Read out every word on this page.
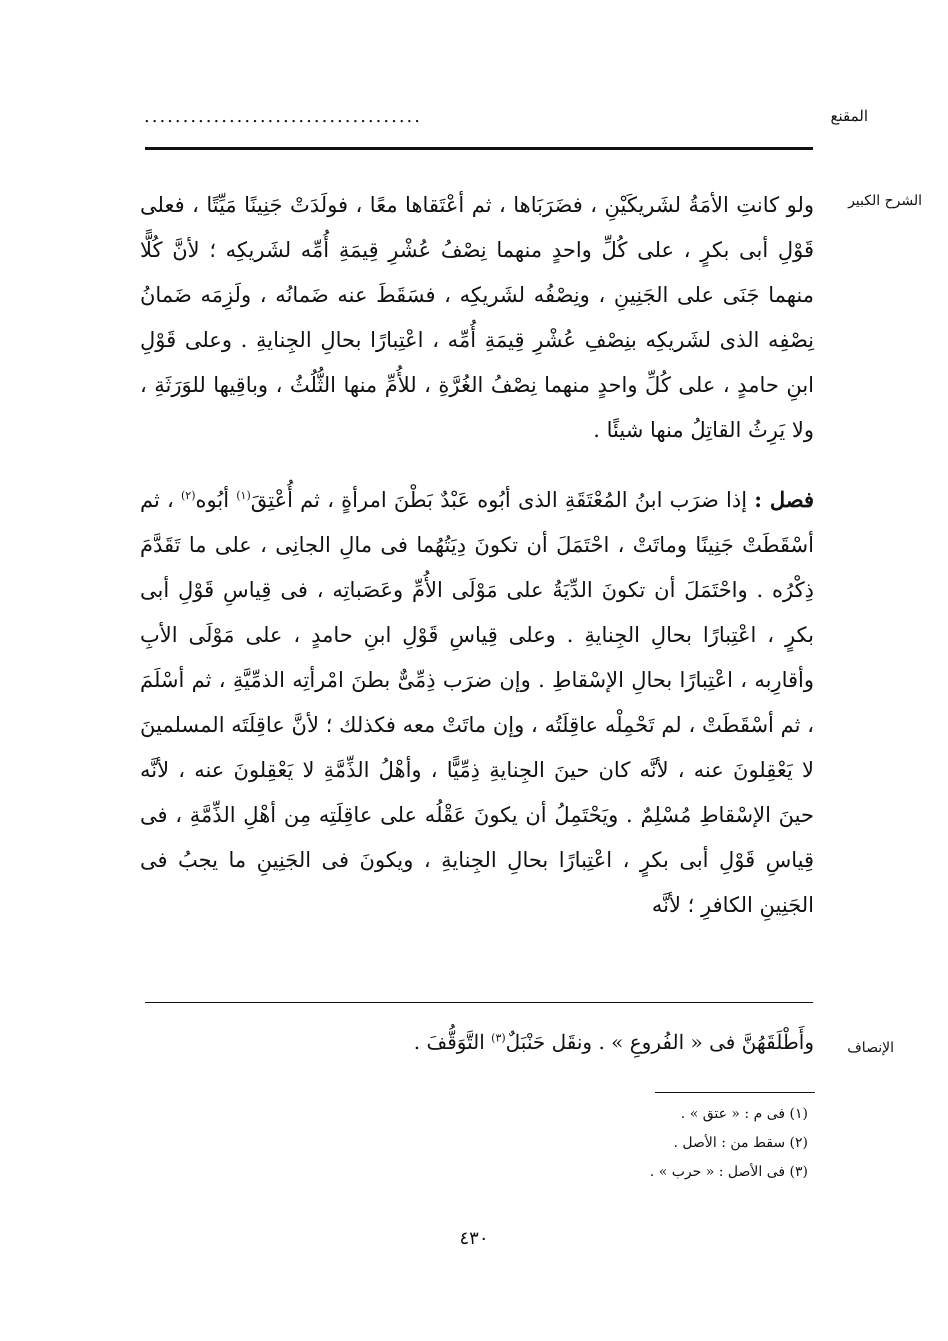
المقنع
....................................
الشرح الكبير

ولو كانتِ الأمَةُ لشَريكَيْنِ ، فضَرَبَاها ، ثم أعْتَقاها معًا ، فولَدَتْ جَنِينًا مَيِّتًا ، فعلى قَوْلِ أبى بكرٍ ، على كُلِّ واحدٍ منهما نِصْفُ عُشْرِ قِيمَةِ أُمِّه لشَريكِه ؛ لأنَّ كُلًّا منهما جَنَى على الجَنِينِ ، ونِصْفُه لشَريكِه ، فسَقَطَ عنه ضَمانُه ، ولَزِمَه ضَمانُ نِصْفِه الذى لشَريكِه بنِصْفِ عُشْرِ قِيمَةِ أُمِّه ، اعْتِبارًا بحالِ الجِنايةِ . وعلى قَوْلِ ابنِ حامدٍ ، على كُلِّ واحدٍ منهما نِصْفُ الغُرَّةِ ، للأُمِّ منها الثُّلُثُ ، وباقِيها للوَرَثَةِ ، ولا يَرِثُ القاتِلُ منها شيئًا .

فصل : إذا ضرَب ابنُ المُعْتَقَةِ الذى أبُوه عَبْدٌ بَطْنَ امرأةٍ ، ثم أُعْتِقَ$^{(١)}$ أبُوه$^{(٢)}$ ، ثم أسْقَطَتْ جَنِينًا وماتَتْ ، احْتَمَلَ أن تكونَ دِيَتُهُما فى مالِ الجانِى ، على ما تَقَدَّمَ ذِكْرُه . واحْتَمَلَ أن تكونَ الدِّيَةُ على مَوْلَى الأُمِّ وعَصَباتِه ، فى قِياسِ قَوْلِ أبى بكرٍ ، اعْتِبارًا بحالِ الجِنايةِ . وعلى قِياسِ قَوْلِ ابنِ حامدٍ ، على مَوْلَى الأبِ وأقارِبه ، اعْتِبارًا بحالِ الإسْقاطِ . وإن ضرَب ذِمِّىٌّ بطنَ امْرأتِه الذمِّيَّةِ ، ثم أسْلَمَ ، ثم أسْقَطَتْ ، لم تَحْمِلْه عاقِلَتُه ، وإن ماتَتْ معه فكذلك ؛ لأنَّ عاقِلَتَه المسلمينَ لا يَعْقِلونَ عنه ، لأنَّه كان حينَ الجِنايةِ ذِمِّيًّا ، وأهْلُ الذِّمَّةِ لا يَعْقِلونَ عنه ، لأنَّه حينَ الإسْقاطِ مُسْلِمٌ . ويَحْتَمِلُ أن يكونَ عَقْلُه على عاقِلَتِه مِن أهْلِ الذِّمَّةِ ، فى قِياسِ قَوْلِ أبى بكرٍ ، اعْتِبارًا بحالِ الجِنايةِ ، ويكونَ فى الجَنِينِ ما يجبُ فى الجَنِينِ الكافرِ ؛ لأنَّه

الإنصاف
وأَطْلَقَهُنَّ فى « الفُروعِ » . ونقَل حَنْبَلٌ$^{(٣)}$ التَّوَقُّفَ .
(١) فى م : « عتق » .
(٢) سقط من : الأصل .
(٣) فى الأصل : « حرب » .
٤٣٠
